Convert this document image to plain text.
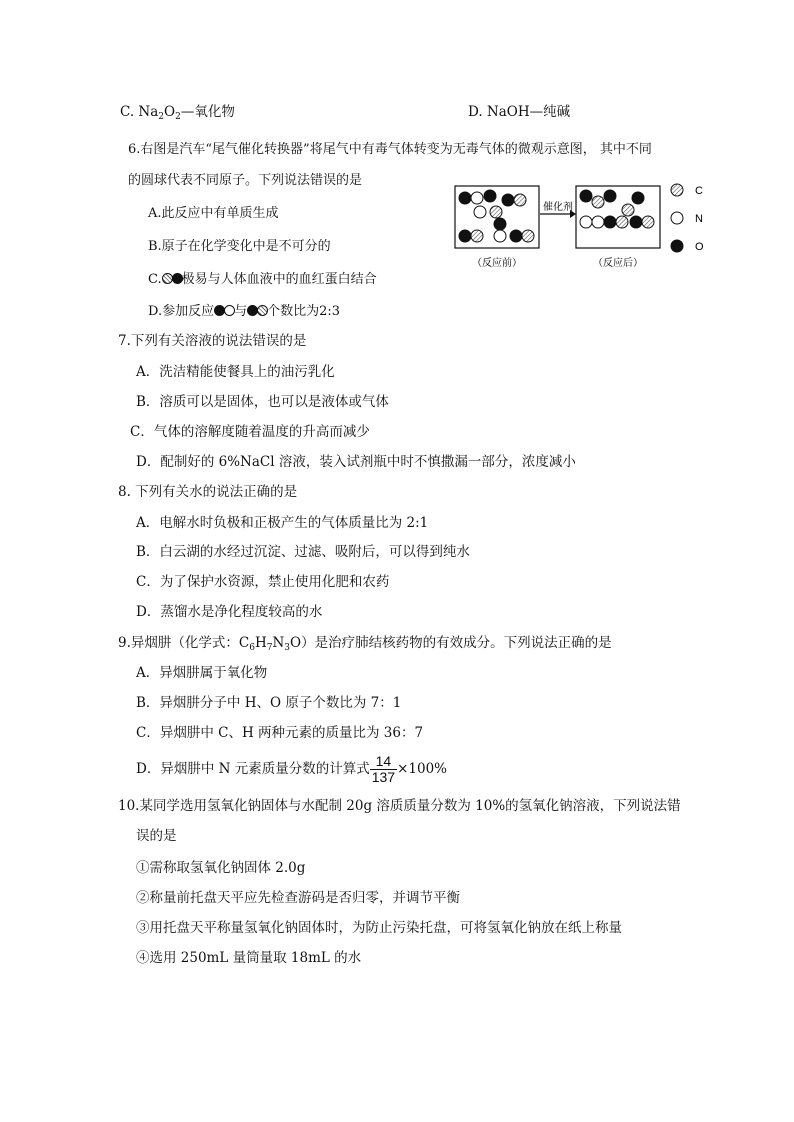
C. $Na_2O_2—$氧化物	D. NaOH—纯碱
6.右图是汽车“尾气催化转换器”将尾气中有毒气体转变为无毒气体的微观示意图， 其中不同
的圆球代表不同原子。下列说法错误的是
A.此反应中有单质生成
B.原子在化学变化中是不可分的
C. 极易与人体血液中的血红蛋白结合
D.参加反应 与 个数比为2:3
催化剂
（反应前）	（反应后）
C
N
O
7.下列有关溶液的说法错误的是
A．洗洁精能使餐具上的油污乳化
B．溶质可以是固体，也可以是液体或气体
C．气体的溶解度随着温度的升高而减少
D．配制好的 6%NaCl 溶液，装入试剂瓶中时不慎撒漏一部分，浓度减小
8. 下列有关水的说法正确的是
A．电解水时负极和正极产生的气体质量比为 2:1
B．白云湖的水经过沉淀、过滤、吸附后，可以得到纯水
C．为了保护水资源，禁止使用化肥和农药
D．蒸馏水是净化程度较高的水
9.异烟肼（化学式：$C_6H_7N_3O$）是治疗肺结核药物的有效成分。下列说法正确的是
A．异烟肼属于氧化物
B．异烟肼分子中 H、O 原子个数比为 7：1
C．异烟肼中 C、H 两种元素的质量比为 36：7
D．异烟肼中 N 元素质量分数的计算式 $\frac{14}{137} \times 100\%$
10.某同学选用氢氧化钠固体与水配制 20g 溶质质量分数为 10%的氢氧化钠溶液，下列说法错
误的是
①需称取氢氧化钠固体 2.0g
②称量前托盘天平应先检查游码是否归零，并调节平衡
③用托盘天平称量氢氧化钠固体时，为防止污染托盘，可将氢氧化钠放在纸上称量
④选用 250mL 量筒量取 18mL 的水
